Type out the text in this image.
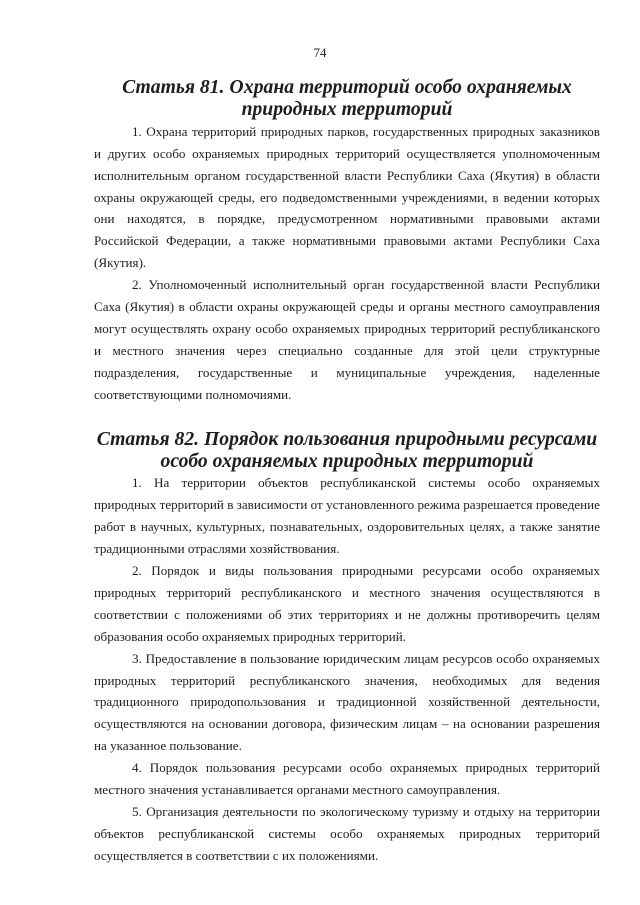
74
Статья 81. Охрана территорий особо охраняемых природных территорий

1. Охрана территорий природных парков, государственных природных заказников и других особо охраняемых природных территорий осуществляется уполномоченным исполнительным органом государственной власти Республики Саха (Якутия) в области охраны окружающей среды, его подведомственными учреждениями, в ведении которых они находятся, в порядке, предусмотренном нормативными правовыми актами Российской Федерации, а также нормативными правовыми актами Республики Саха (Якутия).

2. Уполномоченный исполнительный орган государственной власти Республики Саха (Якутия) в области охраны окружающей среды и органы местного самоуправления могут осуществлять охрану особо охраняемых природных территорий республиканского и местного значения через специально созданные для этой цели структурные подразделения, государственные и муниципальные учреждения, наделенные соответствующими полномочиями.

Статья 82. Порядок пользования природными ресурсами
особо охраняемых природных территорий

1. На территории объектов республиканской системы особо охраняемых природных территорий в зависимости от установленного режима разрешается проведение работ в научных, культурных, познавательных, оздоровительных целях, а также занятие традиционными отраслями хозяйствования.

2. Порядок и виды пользования природными ресурсами особо охраняемых природных территорий республиканского и местного значения осуществляются в соответствии с положениями об этих территориях и не должны противоречить целям образования особо охраняемых природных территорий.

3. Предоставление в пользование юридическим лицам ресурсов особо охраняемых природных территорий республиканского значения, необходимых для ведения традиционного природопользования и традиционной хозяйственной деятельности, осуществляются на основании договора, физическим лицам – на основании разрешения на указанное пользование.

4. Порядок пользования ресурсами особо охраняемых природных территорий местного значения устанавливается органами местного самоуправления.

5. Организация деятельности по экологическому туризму и отдыху на территории объектов республиканской системы особо охраняемых природных территорий осуществляется в соответствии с их положениями.
